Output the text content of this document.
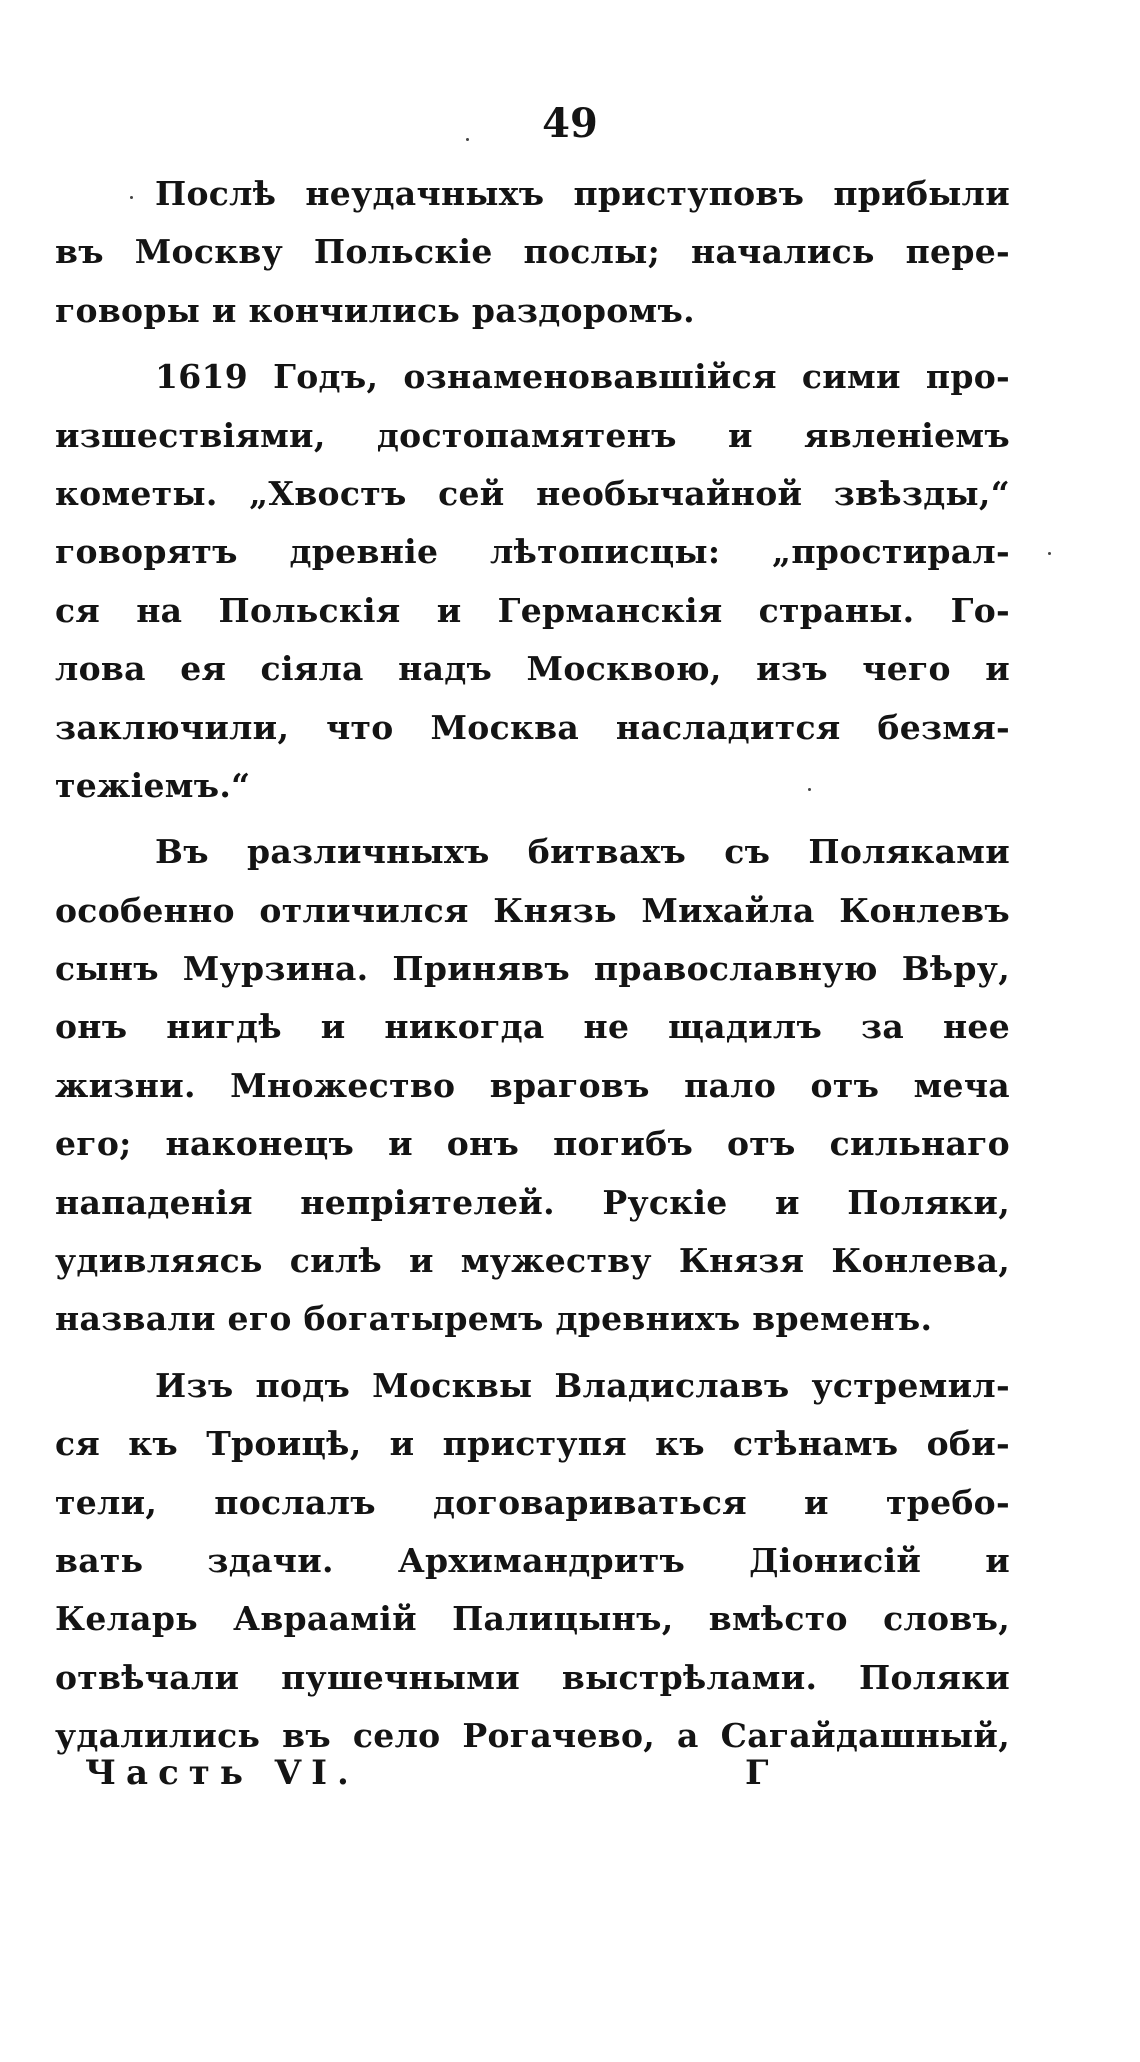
49
Послѣ неудачныхъ приступовъ прибыли
въ Москву Польскіе послы; начались пере-
говоры и кончились раздоромъ.
1619 Годъ, ознаменовавшійся сими про-
изшествіями, достопамятенъ и явленіемъ
кометы. „Хвостъ сей необычайной звѣзды,“
говорятъ древніе лѣтописцы: „простирал-
ся на Польскія и Германскія страны. Го-
лова ея сіяла надъ Москвою, изъ чего и
заключили, что Москва насладится безмя-
тежіемъ.“
Въ различныхъ битвахъ съ Поляками
особенно отличился Князь Михайла Конлевъ
сынъ Мурзина. Принявъ православную Вѣру,
онъ нигдѣ и никогда не щадилъ за нее
жизни. Множество враговъ пало отъ меча
его; наконецъ и онъ погибъ отъ сильнаго
нападенія непріятелей. Рускіе и Поляки,
удивляясь силѣ и мужеству Князя Конлева,
назвали его богатыремъ древнихъ временъ.
Изъ подъ Москвы Владиславъ устремил-
ся къ Троицѣ, и приступя къ стѣнамъ оби-
тели, послалъ договариваться и требо-
вать здачи. Архимандритъ Діонисій и
Келарь Авраамій Палицынъ, вмѣсто словъ,
отвѣчали пушечными выстрѣлами. Поляки
удалились въ село Рогачево, а Сагайдашный,
Часть VI.	Г
